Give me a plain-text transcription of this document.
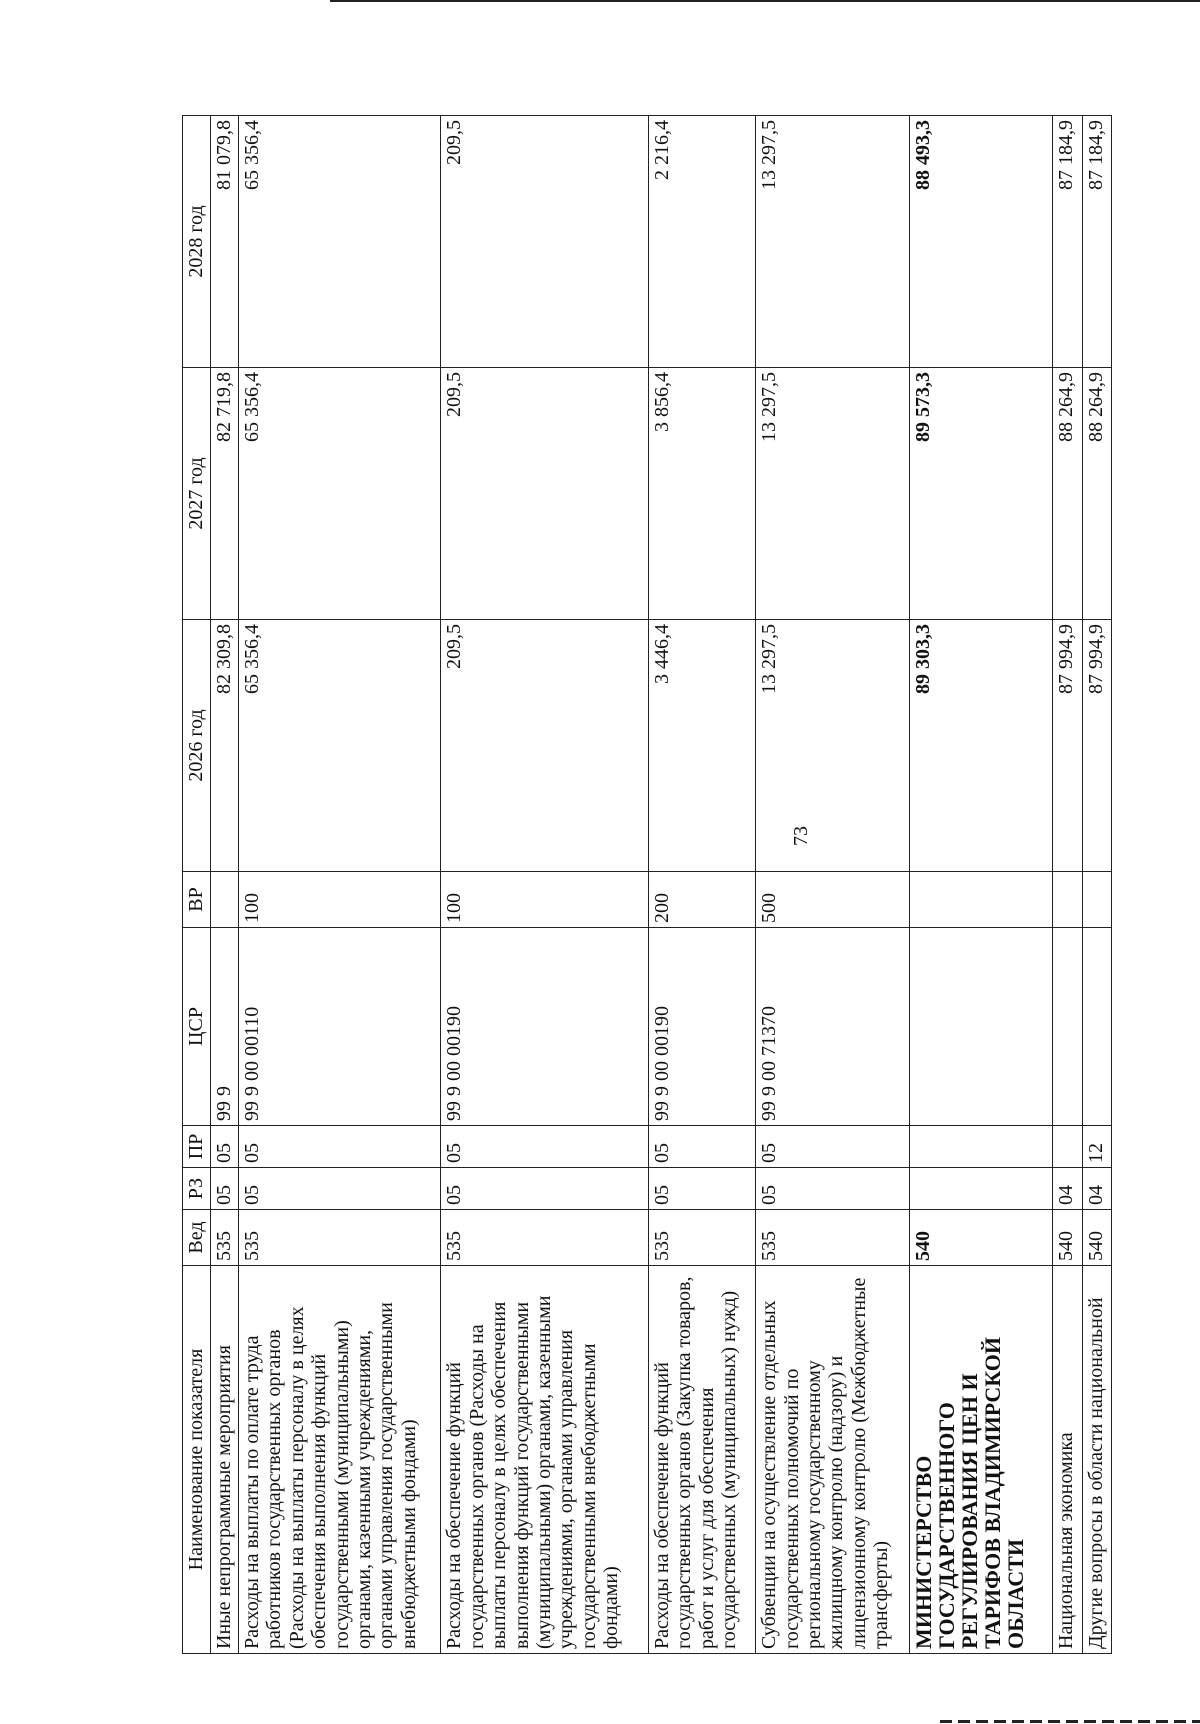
73
Наименование показателя	Вед	РЗ	ПР	ЦСР	ВР	2026 год	2027 год	2028 год
Иные непрограммные мероприятия	535	05	05	99 9		82 309,8	82 719,8	81 079,8
Расходы на выплаты по оплате труда работников государственных органов (Расходы на выплаты персоналу в целях обеспечения выполнения функций государственными (муниципальными) органами, казенными учреждениями, органами управления государственными внебюджетными фондами)	535	05	05	99 9 00 00110	100	65 356,4	65 356,4	65 356,4
Расходы на обеспечение функций государственных органов (Расходы на выплаты персоналу в целях обеспечения выполнения функций государственными (муниципальными) органами, казенными учреждениями, органами управления государственными внебюджетными фондами)	535	05	05	99 9 00 00190	100	209,5	209,5	209,5
Расходы на обеспечение функций государственных органов (Закупка товаров, работ и услуг для обеспечения государственных (муниципальных) нужд)	535	05	05	99 9 00 00190	200	3 446,4	3 856,4	2 216,4
Субвенции на осуществление отдельных государственных полномочий по региональному государственному жилищному контролю (надзору) и лицензионному контролю (Межбюджетные трансферты)	535	05	05	99 9 00 71370	500	13 297,5	13 297,5	13 297,5
МИНИСТЕРСТВО ГОСУДАРСТВЕННОГО РЕГУЛИРОВАНИЯ ЦЕН И ТАРИФОВ ВЛАДИМИРСКОЙ ОБЛАСТИ	540					89 303,3	89 573,3	88 493,3
Национальная экономика	540	04				87 994,9	88 264,9	87 184,9
Другие вопросы в области национальной	540	04	12			87 994,9	88 264,9	87 184,9
